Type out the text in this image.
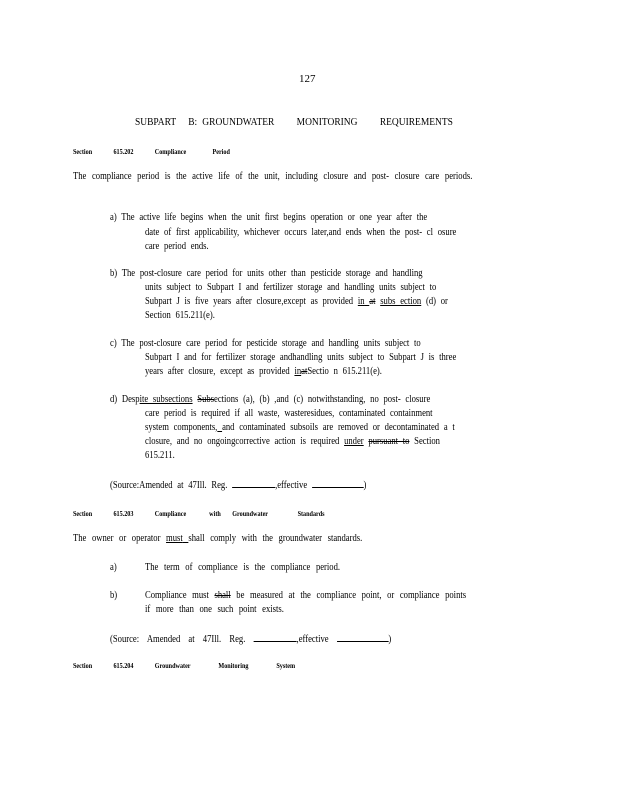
127
SUBPART B: GROUNDWATER MONITORING REQUIREMENTS
Section	615.202	Compliance	Period
The compliance period is the active life of the unit, including closure and post- closure care periods.
a) The active life begins when the unit first begins operation or one year after the
date of first applicability, whichever occurs later,and ends when the post- cl osure
care period ends.
b) The post-closure care period for units other than pesticide storage and handling
units subject to Subpart I and fertilizer storage and handling units subject to
Subpart J is five years after closure,except as provided in at subs ection (d) or
Section 615.211(e).
c) The post-closure care period for pesticide storage and handling units subject to
Subpart I and for fertilizer storage andhandling units subject to Subpart J is three
years after closure, except as provided inatSectio n 615.211(e).
d) Despite subsections Subsections (a), (b) ,and (c) notwithstanding, no post- closure
care period is required if all waste, wasteresidues, contaminated containment
system components, and contaminated subsoils are removed or decontaminated a t
closure, and no ongoingcorrective action is required under pursuant to Section
615.211.
(Source:Amended at 47Ill. Reg.	,effective	)
Section	615.203	Compliance	with Groundwater	Standards
The owner or operator must shall comply with the groundwater standards.
a)	The term of compliance is the compliance period.
b)	Compliance must shall be measured at the compliance point, or compliance points
if more than one such point exists.
(Source: Amended at 47Ill. Reg.	,effective	)
Section	615.204	Groundwater	Monitoring	System
